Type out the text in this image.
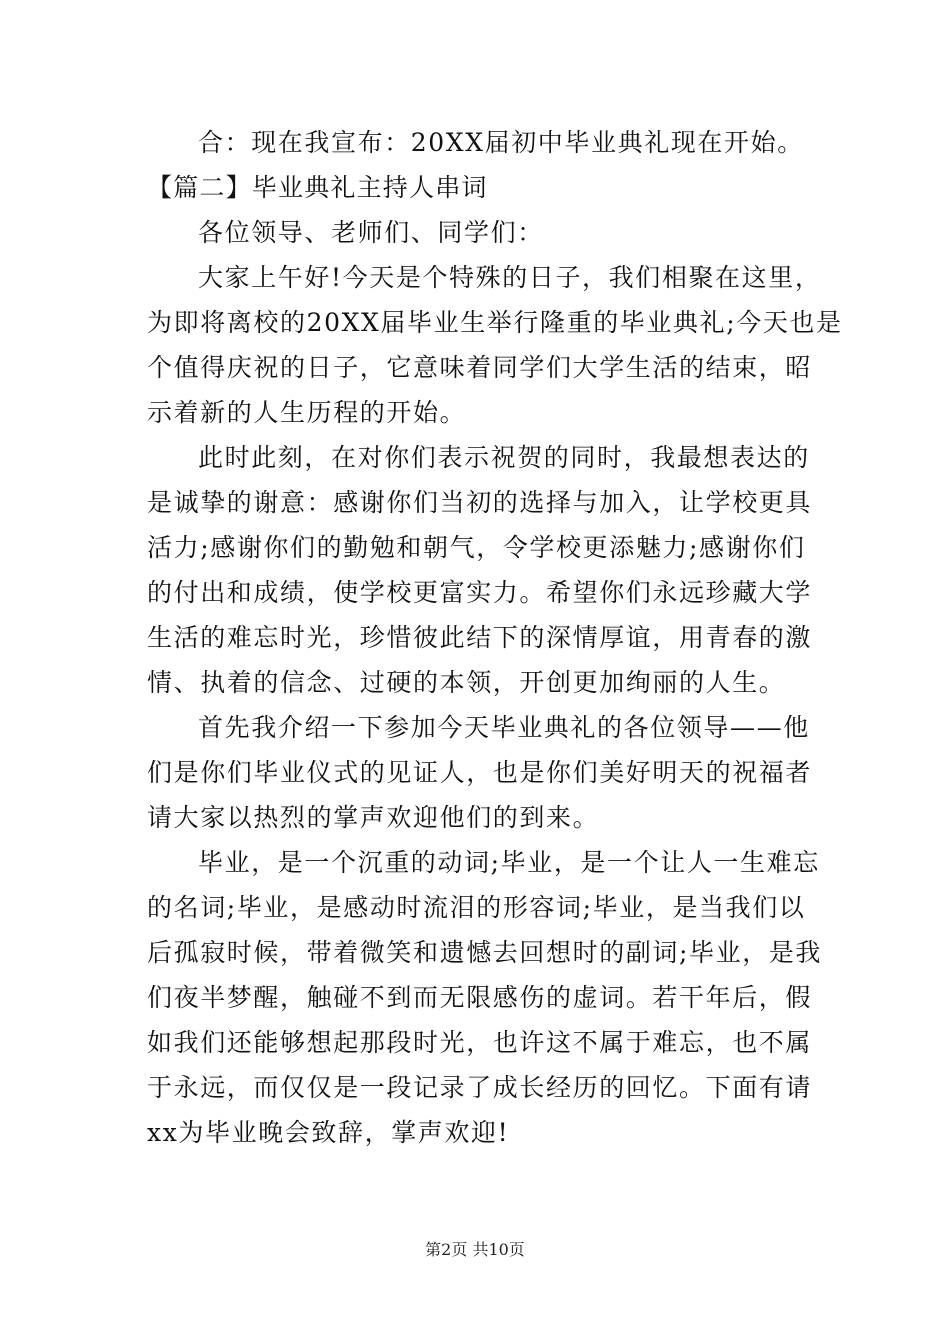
合：现在我宣布：20XX届初中毕业典礼现在开始。
【篇二】毕业典礼主持人串词
各位领导、老师们、同学们：
大家上午好!今天是个特殊的日子，我们相聚在这里，
为即将离校的20XX届毕业生举行隆重的毕业典礼;今天也是
个值得庆祝的日子，它意味着同学们大学生活的结束，昭
示着新的人生历程的开始。
此时此刻，在对你们表示祝贺的同时，我最想表达的
是诚挚的谢意：感谢你们当初的选择与加入，让学校更具
活力;感谢你们的勤勉和朝气，令学校更添魅力;感谢你们
的付出和成绩，使学校更富实力。希望你们永远珍藏大学
生活的难忘时光，珍惜彼此结下的深情厚谊，用青春的激
情、执着的信念、过硬的本领，开创更加绚丽的人生。
首先我介绍一下参加今天毕业典礼的各位领导——他
们是你们毕业仪式的见证人，也是你们美好明天的祝福者
请大家以热烈的掌声欢迎他们的到来。
毕业，是一个沉重的动词;毕业，是一个让人一生难忘
的名词;毕业，是感动时流泪的形容词;毕业，是当我们以
后孤寂时候，带着微笑和遗憾去回想时的副词;毕业，是我
们夜半梦醒，触碰不到而无限感伤的虚词。若干年后，假
如我们还能够想起那段时光，也许这不属于难忘，也不属
于永远，而仅仅是一段记录了成长经历的回忆。下面有请
xx为毕业晚会致辞，掌声欢迎!
第2页 共10页
